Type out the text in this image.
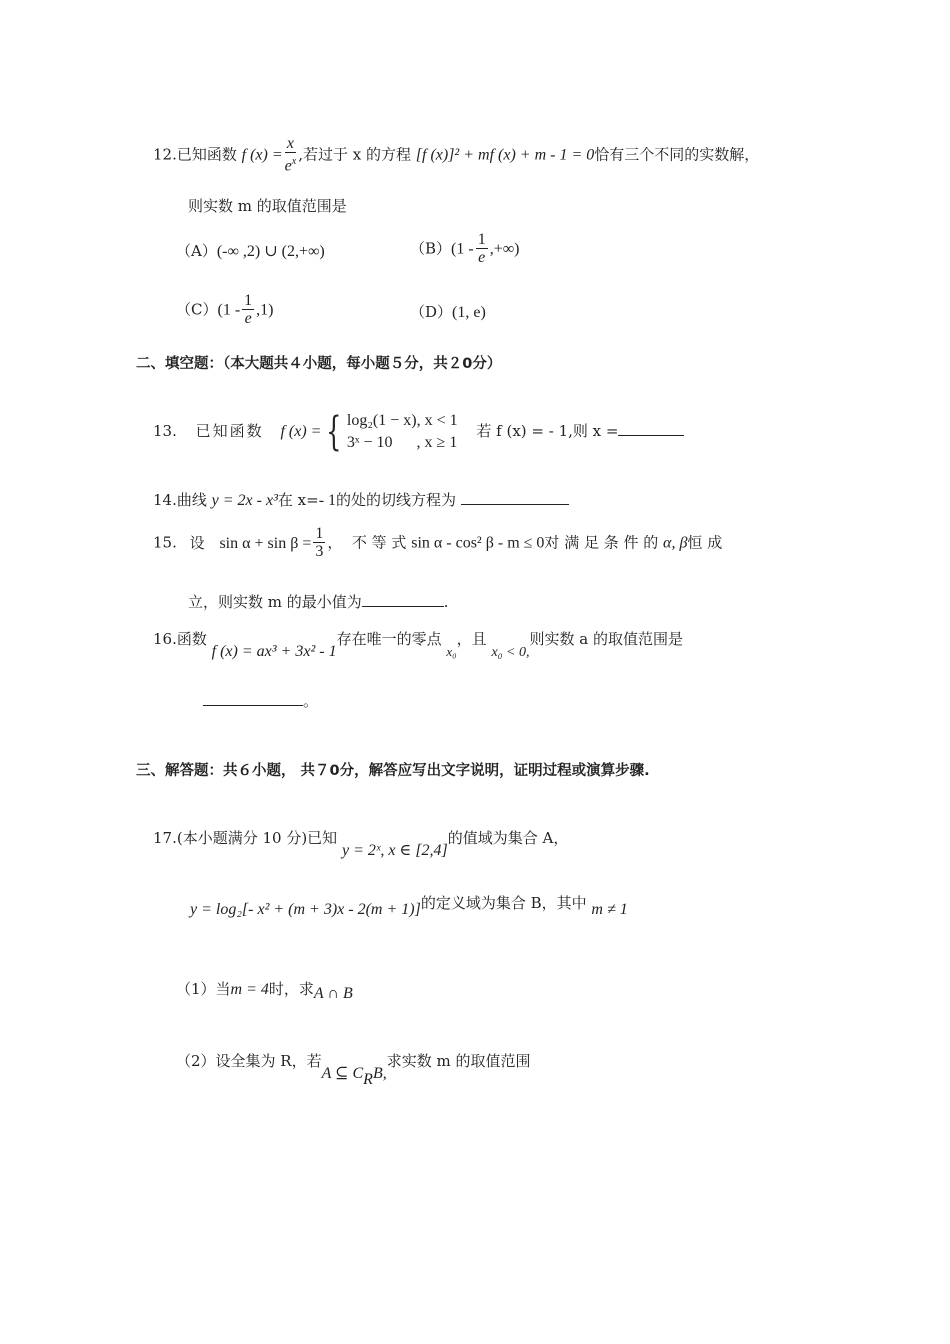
12.已知函数 f $(x) = \frac{x}{e^x}$ ,若过于 x 的方程 [f (x)]² + mf (x) + m - 1 = 0恰有三个不同的实数解，
则实数 m 的取值范围是
（A）(-∞ ,2) ∪ (2,+∞)	$(B)(1 - \frac{1}{e}$ ,+∞)
$(C)(1 - \frac{1}{e} ,1)$	（D）(1, e)
二、填空题：（本大题共４小题，每小题５分，共２0分）
13. 已知函数 f (x) = { log₂(1 − x), x < 1
3ˣ − 10      , x ≥ 1
若 f (x) = - 1,则 x =
14.曲线 y = 2x - x³在 x=- 1的处的切线方程为
15. 设 $\sin \alpha + \sin \beta = \frac{1}{3}$ ，  不 等 式 sin α - cos² β - m ≤ 0对 满 足 条 件 的 α, β恒 成
立，则实数 m 的最小值为	.
16.函数 f (x) = ax³ + 3x² - 1存在唯一的零点 x₀，且 x₀ < 0,则实数 a 的取值范围是
。
三、解答题：共６小题， 共７0分，解答应写出文字说明，证明过程或演算步骤.
17.(本小题满分 10 分)已知 y = 2ˣ, x ∈ [2,4]的值域为集合 A，
y = log₂[- x² + (m + 3)x - 2(m + 1)]的定义域为集合 B，其中 m ≠ 1
（1）当m = 4时，求A ∩ B
（2）设全集为 R，若A ⊆ $C_RB$,求实数 m 的取值范围
